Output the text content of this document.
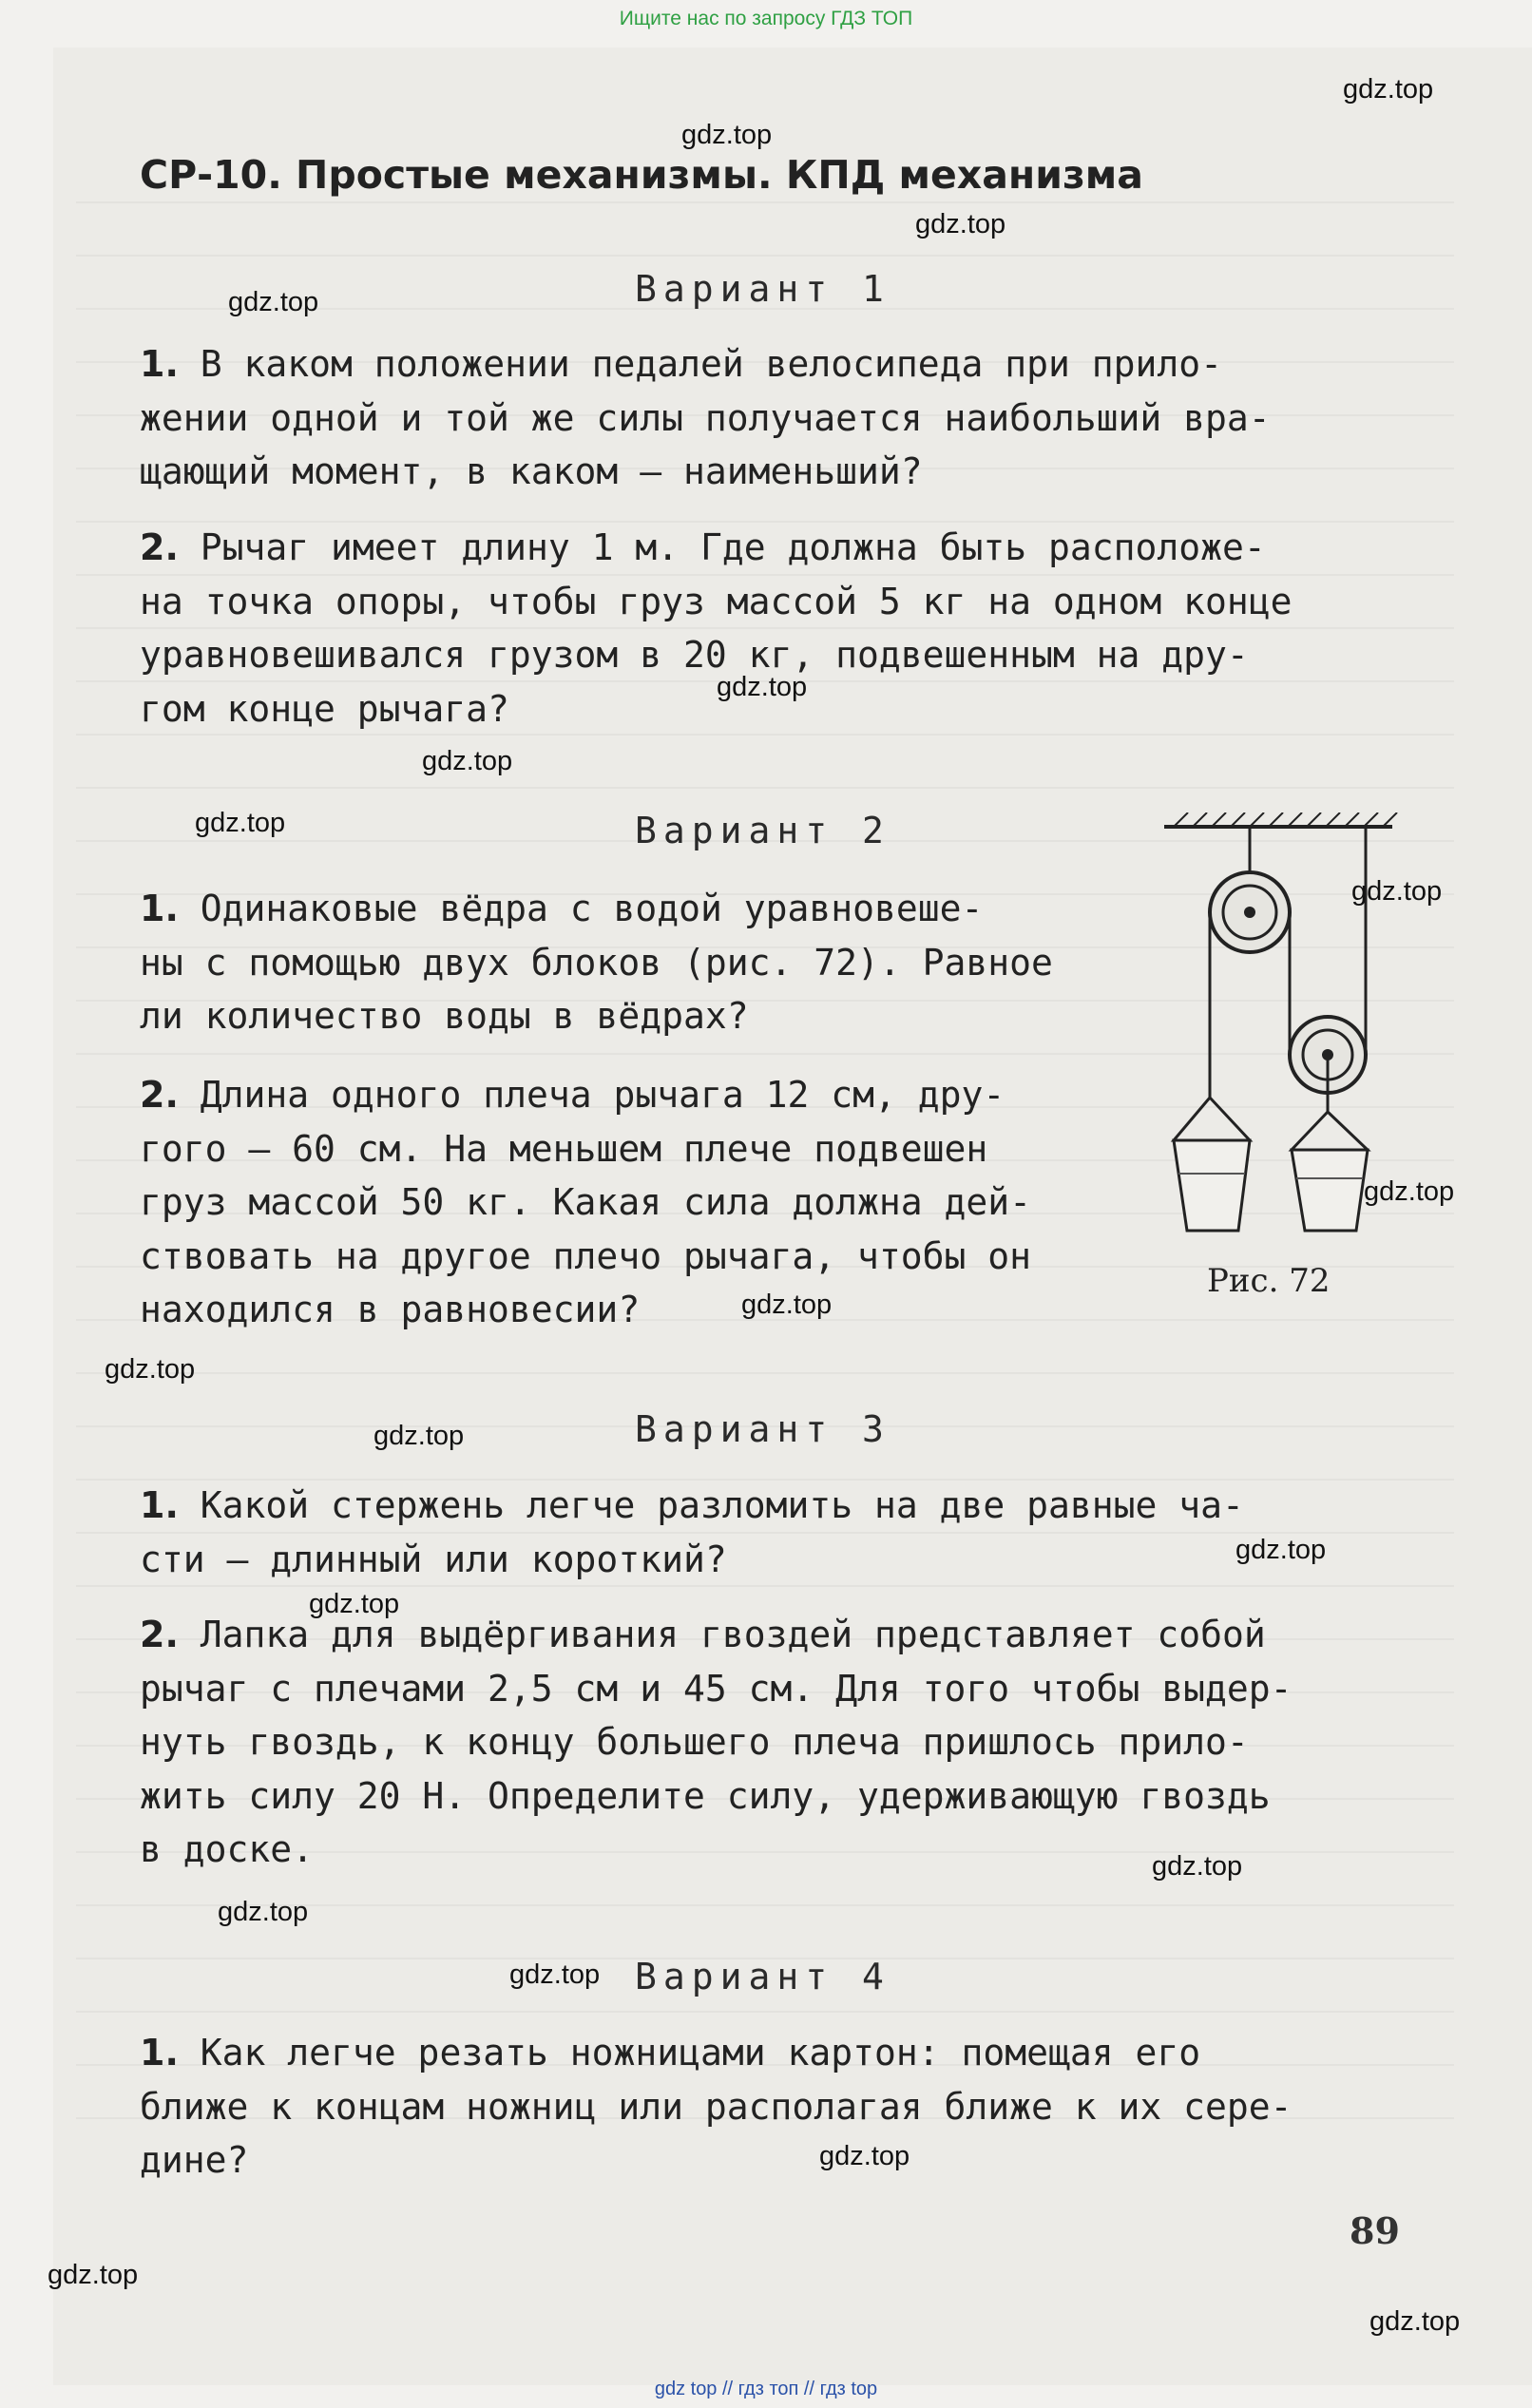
Ищите нас по запросу ГДЗ ТОП
СР-10. Простые механизмы. КПД механизма
Вариант 1
1. В каком положении педалей велосипеда при прило-
жении одной и той же силы получается наибольший вра-
щающий момент, в каком — наименьший?
2. Рычаг имеет длину 1 м. Где должна быть расположе-
на точка опоры, чтобы груз массой 5 кг на одном конце
уравновешивался грузом в 20 кг, подвешенным на дру-
гом конце рычага?
Вариант 2
1. Одинаковые вёдра с водой уравновеше-
ны с помощью двух блоков (рис. 72). Равное
ли количество воды в вёдрах?
2. Длина одного плеча рычага 12 см, дру-
гого — 60 см. На меньшем плече подвешен
груз массой 50 кг. Какая сила должна дей-
ствовать на другое плечо рычага, чтобы он
находился в равновесии?
Рис. 72
Вариант 3
1. Какой стержень легче разломить на две равные ча-
сти — длинный или короткий?
2. Лапка для выдёргивания гвоздей представляет собой
рычаг с плечами 2,5 см и 45 см. Для того чтобы выдер-
нуть гвоздь, к концу большего плеча пришлось прило-
жить силу 20 Н. Определите силу, удерживающую гвоздь
в доске.
Вариант 4
1. Как легче резать ножницами картон: помещая его
ближе к концам ножниц или располагая ближе к их сере-
дине?
89
gdz.top
gdz.top
gdz.top
gdz.top
gdz.top
gdz.top
gdz.top
gdz.top
gdz.top
gdz.top
gdz.top
gdz.top
gdz.top
gdz.top
gdz.top
gdz.top
gdz.top
gdz.top
gdz.top
gdz.top
gdz top // гдз топ // гдз top
